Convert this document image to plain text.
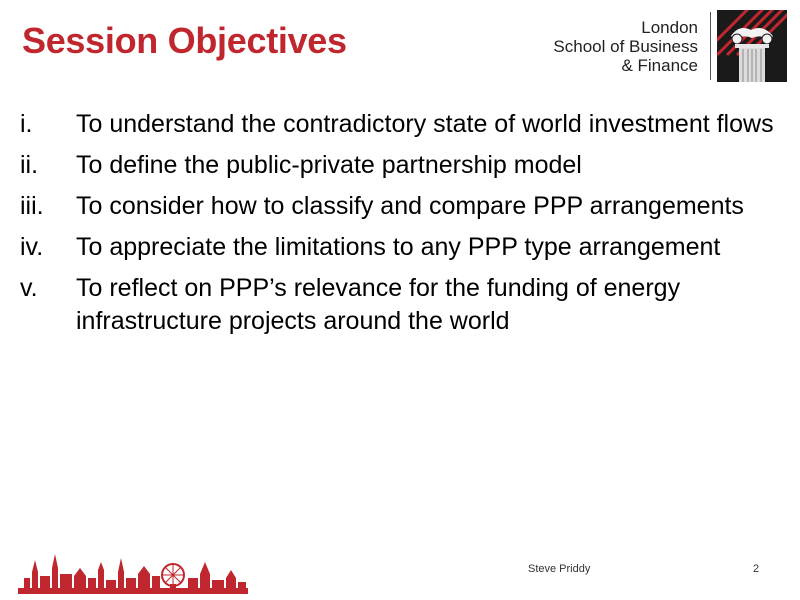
Session Objectives	London
School of Business
& Finance
i.	To understand the contradictory state of world investment flows
ii.	To define the public-private partnership model
iii.	To consider how to classify and compare PPP arrangements
iv.	To appreciate the limitations to any PPP type arrangement
v.	To reflect on PPP’s relevance for the funding of energy infrastructure projects around the world
Steve Priddy	2
